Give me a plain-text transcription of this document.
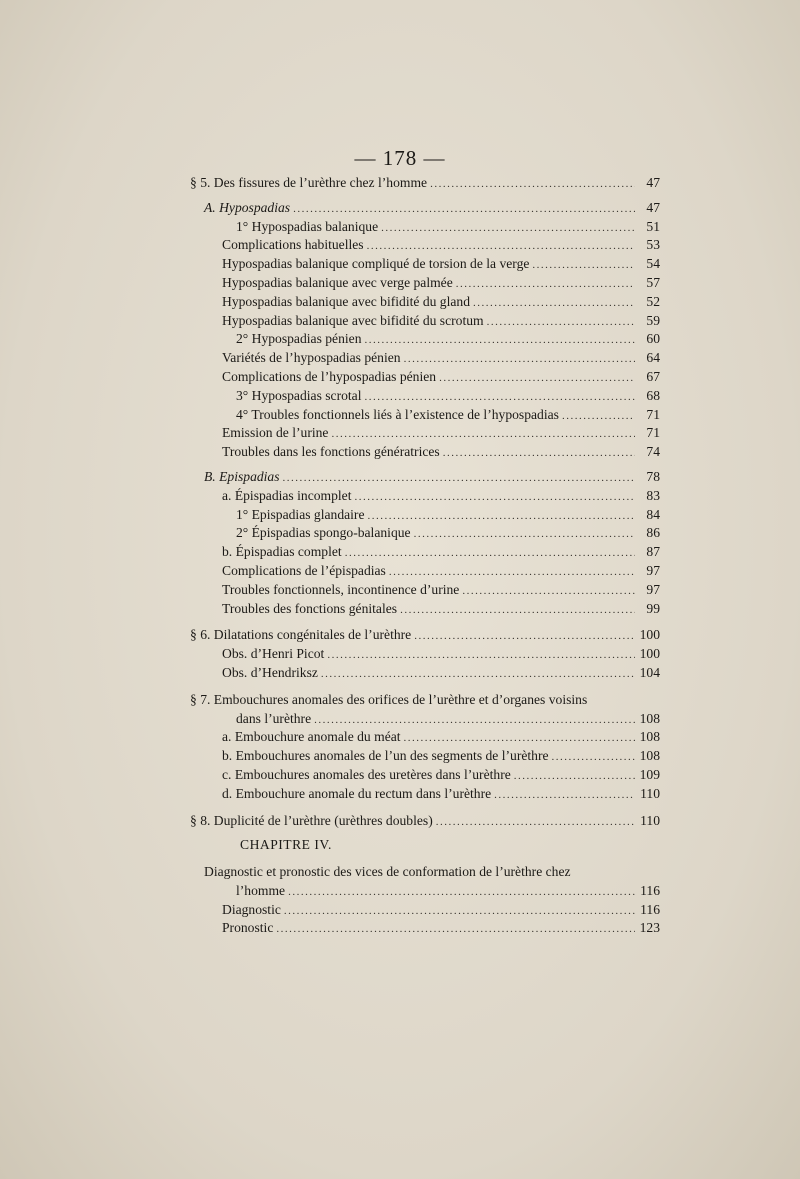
— 178 —
§ 5. Des fissures de l’urèthre chez l’homme .....	47
A. Hypospadias .....	47
1° Hypospadias balanique .....	51
Complications habituelles .....	53
Hypospadias balanique compliqué de torsion de la verge .....	54
Hypospadias balanique avec verge palmée .....	57
Hypospadias balanique avec bifidité du gland .....	52
Hypospadias balanique avec bifidité du scrotum .....	59
2° Hypospadias pénien .....	60
Variétés de l’hypospadias pénien .....	64
Complications de l’hypospadias pénien .....	67
3° Hypospadias scrotal .....	68
4° Troubles fonctionnels liés à l’existence de l’hypospadias .....	71
Emission de l’urine .....	71
Troubles dans les fonctions génératrices .....	74
B. Epispadias .....	78
a. Épispadias incomplet .....	83
1° Epispadias glandaire .....	84
2° Épispadias spongo-balanique .....	86
b. Épispadias complet .....	87
Complications de l’épispadias .....	97
Troubles fonctionnels, incontinence d’urine .....	97
Troubles des fonctions génitales .....	99
§ 6. Dilatations congénitales de l’urèthre .....	100
Obs. d’Henri Picot .....	100
Obs. d’Hendriksz .....	104
§ 7. Embouchures anomales des orifices de l’urèthre et d’organes voisins
dans l’urèthre .....	108
a. Embouchure anomale du méat .....	108
b. Embouchures anomales de l’un des segments de l’urèthre .....	108
c. Embouchures anomales des uretères dans l’urèthre .....	109
d. Embouchure anomale du rectum dans l’urèthre .....	110
§ 8. Duplicité de l’urèthre (urèthres doubles) .....	110
CHAPITRE IV.
Diagnostic et pronostic des vices de conformation de l’urèthre chez
l’homme .....	116
Diagnostic .....	116
Pronostic .....	123
